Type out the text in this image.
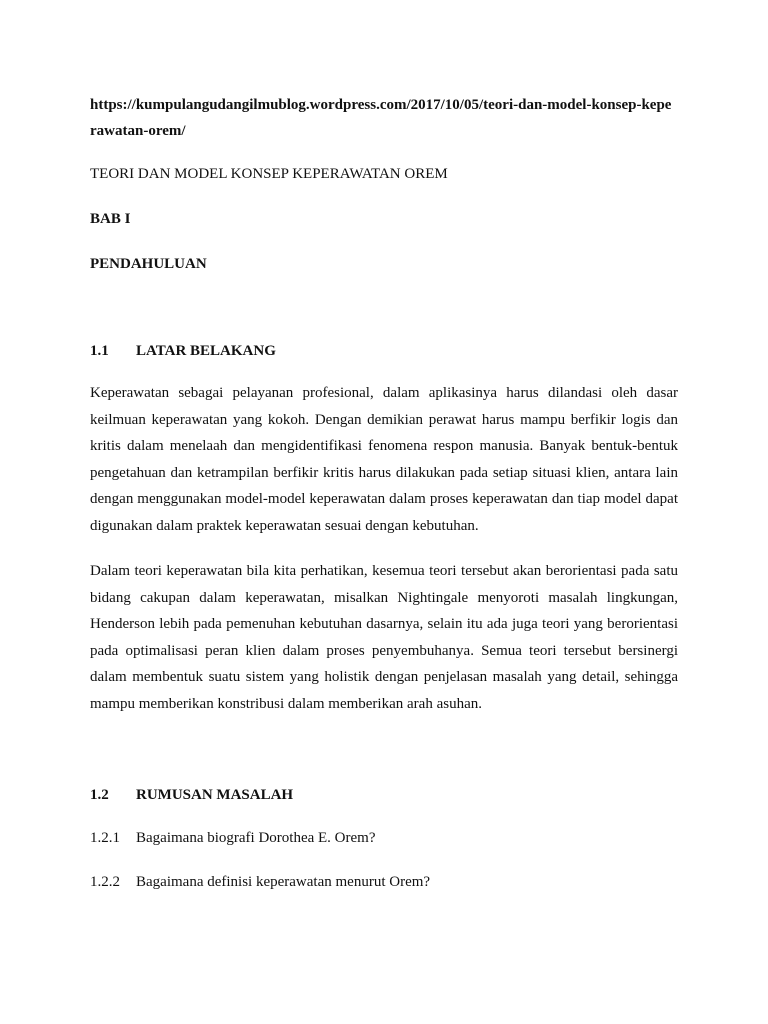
https://kumpulangudangilmublog.wordpress.com/2017/10/05/teori-dan-model-konsep-keperawatan-orem/
TEORI DAN MODEL KONSEP KEPERAWATAN OREM
BAB I
PENDAHULUAN
1.1 LATAR BELAKANG

Keperawatan sebagai pelayanan profesional, dalam aplikasinya harus dilandasi oleh dasar keilmuan keperawatan yang kokoh. Dengan demikian perawat harus mampu berfikir logis dan kritis dalam menelaah dan mengidentifikasi fenomena respon manusia. Banyak bentuk-bentuk pengetahuan dan ketrampilan berfikir kritis harus dilakukan pada setiap situasi klien, antara lain dengan menggunakan model-model keperawatan dalam proses keperawatan dan tiap model dapat digunakan dalam praktek keperawatan sesuai dengan kebutuhan.

Dalam teori keperawatan bila kita perhatikan, kesemua teori tersebut akan berorientasi pada satu bidang cakupan dalam keperawatan, misalkan Nightingale menyoroti masalah lingkungan, Henderson lebih pada pemenuhan kebutuhan dasarnya, selain itu ada juga teori yang berorientasi pada optimalisasi peran klien dalam proses penyembuhanya. Semua teori tersebut bersinergi dalam membentuk suatu sistem yang holistik dengan penjelasan masalah yang detail, sehingga mampu memberikan konstribusi dalam memberikan arah asuhan.

1.2 RUMUSAN MASALAH
1.2.1 Bagaimana biografi Dorothea E. Orem?
1.2.2 Bagaimana definisi keperawatan menurut Orem?
